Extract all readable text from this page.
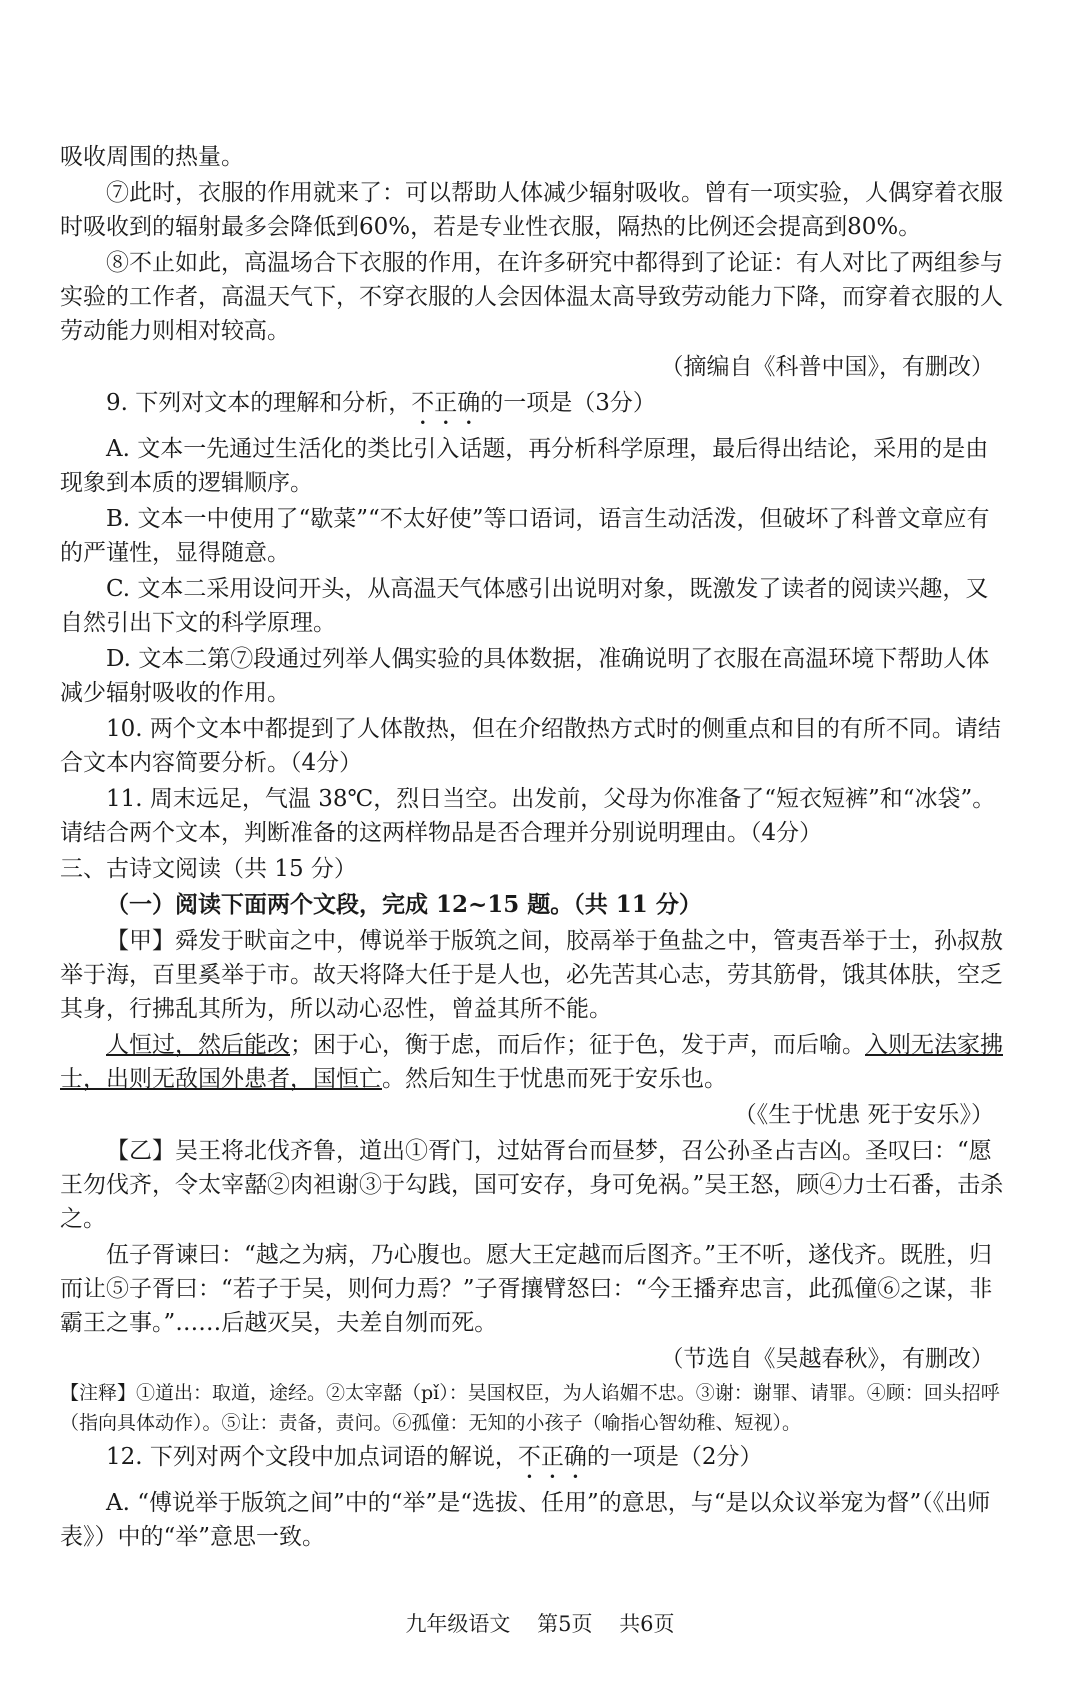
吸收周围的热量。

⑦此时，衣服的作用就来了：可以帮助人体减少辐射吸收。曾有一项实验，人偶穿着衣服时吸收到的辐射最多会降低到60%，若是专业性衣服，隔热的比例还会提高到80%。

⑧不止如此，高温场合下衣服的作用，在许多研究中都得到了论证：有人对比了两组参与实验的工作者，高温天气下，不穿衣服的人会因体温太高导致劳动能力下降，而穿着衣服的人劳动能力则相对较高。

（摘编自《科普中国》，有删改）

9. 下列对文本的理解和分析，不正确的一项是（3分）

A. 文本一先通过生活化的类比引入话题，再分析科学原理，最后得出结论，采用的是由现象到本质的逻辑顺序。

B. 文本一中使用了“歇菜”“不太好使”等口语词，语言生动活泼，但破坏了科普文章应有的严谨性，显得随意。

C. 文本二采用设问开头，从高温天气体感引出说明对象，既激发了读者的阅读兴趣，又自然引出下文的科学原理。

D. 文本二第⑦段通过列举人偶实验的具体数据，准确说明了衣服在高温环境下帮助人体减少辐射吸收的作用。

10. 两个文本中都提到了人体散热，但在介绍散热方式时的侧重点和目的有所不同。请结合文本内容简要分析。（4分）

11. 周末远足，气温 38℃，烈日当空。出发前，父母为你准备了“短衣短裤”和“冰袋”。请结合两个文本，判断准备的这两样物品是否合理并分别说明理由。（4分）

三、古诗文阅读（共 15 分）

（一）阅读下面两个文段，完成 12~15 题。（共 11 分）

【甲】舜发于畎亩之中，傅说举于版筑之间，胶鬲举于鱼盐之中，管夷吾举于士，孙叔敖举于海，百里奚举于市。故天将降大任于是人也，必先苦其心志，劳其筋骨，饿其体肤，空乏其身，行拂乱其所为，所以动心忍性，曾益其所不能。

人恒过，然后能改；困于心，衡于虑，而后作；征于色，发于声，而后喻。入则无法家拂士，出则无敌国外患者，国恒亡。然后知生于忧患而死于安乐也。

（《生于忧患 死于安乐》）

【乙】吴王将北伐齐鲁，道出①胥门，过姑胥台而昼梦，召公孙圣占吉凶。圣叹曰：“愿王勿伐齐，令太宰嚭②肉袒谢③于勾践，国可安存，身可免祸。”吴王怒，顾④力士石番，击杀之。

伍子胥谏曰：“越之为病，乃心腹也。愿大王定越而后图齐。”王不听，遂伐齐。既胜，归而让⑤子胥曰：“若子于吴，则何力焉？”子胥攘臂怒曰：“今王播弃忠言，此孤僮⑥之谋，非霸王之事。”……后越灭吴，夫差自刎而死。

（节选自《吴越春秋》，有删改）

【注释】①道出：取道，途经。②太宰嚭（pǐ）：吴国权臣，为人谄媚不忠。③谢：谢罪、请罪。④顾：回头招呼（指向具体动作）。⑤让：责备，责问。⑥孤僮：无知的小孩子（喻指心智幼稚、短视）。

12. 下列对两个文段中加点词语的解说，不正确的一项是（2分）

A. “傅说举于版筑之间”中的“举”是“选拔、任用”的意思，与“是以众议举宠为督”（《出师表》）中的“举”意思一致。

九年级语文 第5页 共6页
